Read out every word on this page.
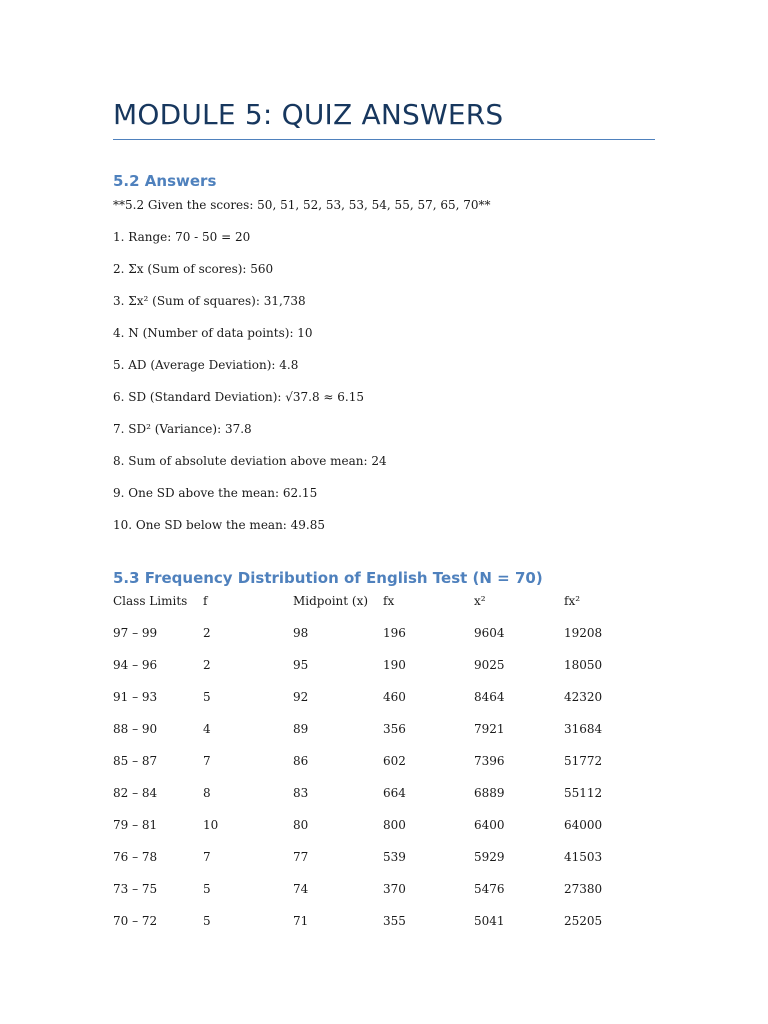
MODULE 5: QUIZ ANSWERS
5.2 Answers
**5.2 Given the scores: 50, 51, 52, 53, 53, 54, 55, 57, 65, 70**
1. Range: 70 - 50 = 20
2. Σx (Sum of scores): 560
3. Σx² (Sum of squares): 31,738
4. N (Number of data points): 10
5. AD (Average Deviation): 4.8
6. SD (Standard Deviation): √37.8 ≈ 6.15
7. SD² (Variance): 37.8
8. Sum of absolute deviation above mean: 24
9. One SD above the mean: 62.15
10. One SD below the mean: 49.85
5.3 Frequency Distribution of English Test (N = 70)
Class Limits	f	Midpoint (x)	fx	x²	fx²
97 – 99	2	98	196	9604	19208
94 – 96	2	95	190	9025	18050
91 – 93	5	92	460	8464	42320
88 – 90	4	89	356	7921	31684
85 – 87	7	86	602	7396	51772
82 – 84	8	83	664	6889	55112
79 – 81	10	80	800	6400	64000
76 – 78	7	77	539	5929	41503
73 – 75	5	74	370	5476	27380
70 – 72	5	71	355	5041	25205
